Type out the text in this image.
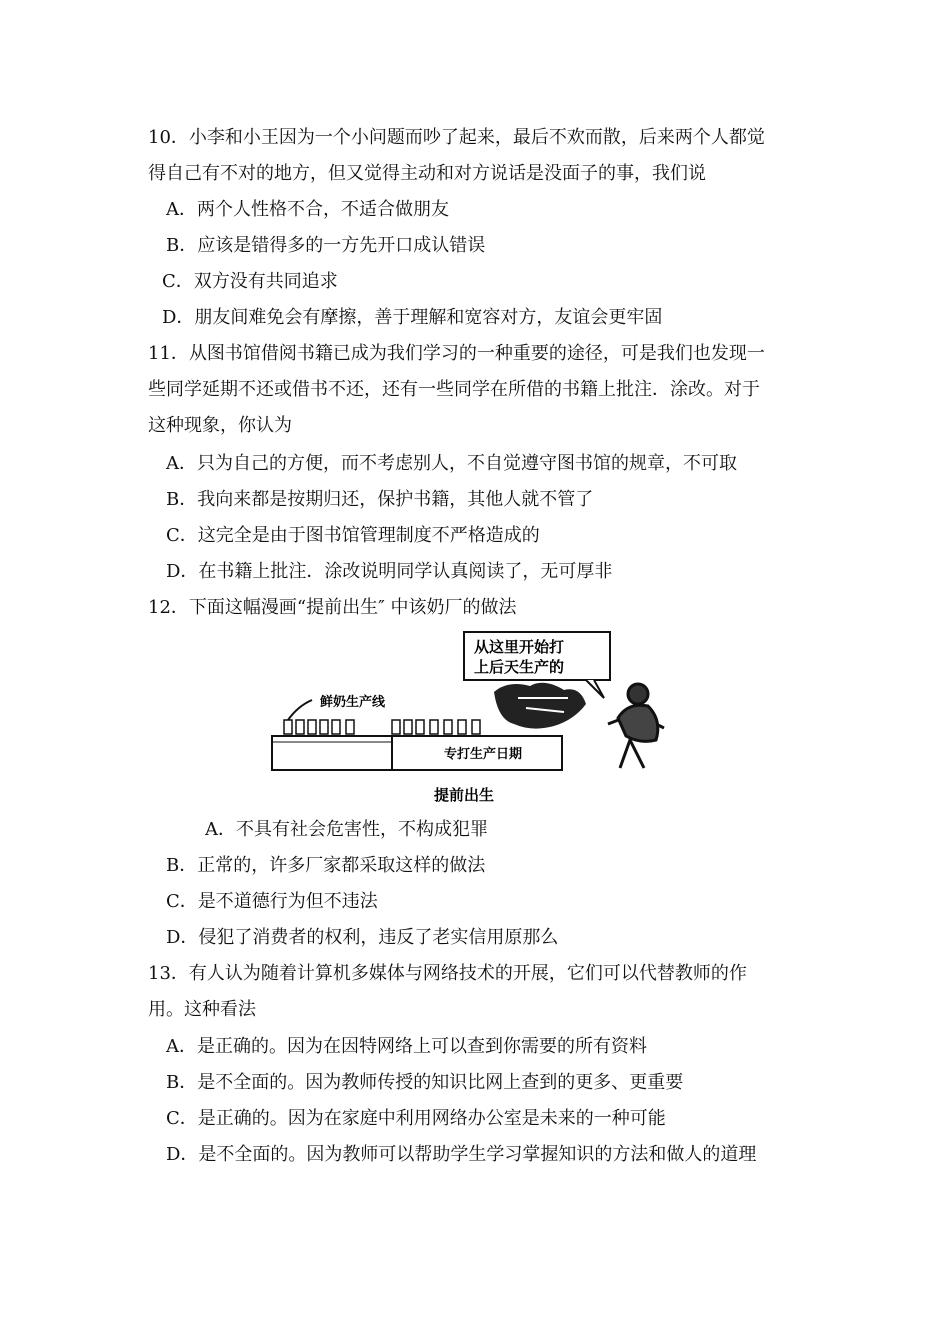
10．小李和小王因为一个小问题而吵了起来，最后不欢而散，后来两个人都觉
得自己有不对的地方，但又觉得主动和对方说话是没面子的事，我们说
A．两个人性格不合，不适合做朋友
B．应该是错得多的一方先开口成认错误
C．双方没有共同追求
D．朋友间难免会有摩擦，善于理解和宽容对方，友谊会更牢固
11．从图书馆借阅书籍已成为我们学习的一种重要的途径，可是我们也发现一
些同学延期不还或借书不还，还有一些同学在所借的书籍上批注．涂改。对于
这种现象，你认为
A．只为自己的方便，而不考虑别人，不自觉遵守图书馆的规章，不可取
B．我向来都是按期归还，保护书籍，其他人就不管了
C．这完全是由于图书馆管理制度不严格造成的
D．在书籍上批注．涂改说明同学认真阅读了，无可厚非
12．下面这幅漫画“提前出生″ 中该奶厂的做法
从这里开始打
上后天生产的
鲜奶生产线
专打生产日期
提前出生
A．不具有社会危害性，不构成犯罪
B．正常的，许多厂家都采取这样的做法
C．是不道德行为但不违法
D．侵犯了消费者的权利，违反了老实信用原那么
13．有人认为随着计算机多媒体与网络技术的开展，它们可以代替教师的作
用。这种看法
A．是正确的。因为在因特网络上可以查到你需要的所有资料
B．是不全面的。因为教师传授的知识比网上查到的更多、更重要
C．是正确的。因为在家庭中利用网络办公室是未来的一种可能
D．是不全面的。因为教师可以帮助学生学习掌握知识的方法和做人的道理
